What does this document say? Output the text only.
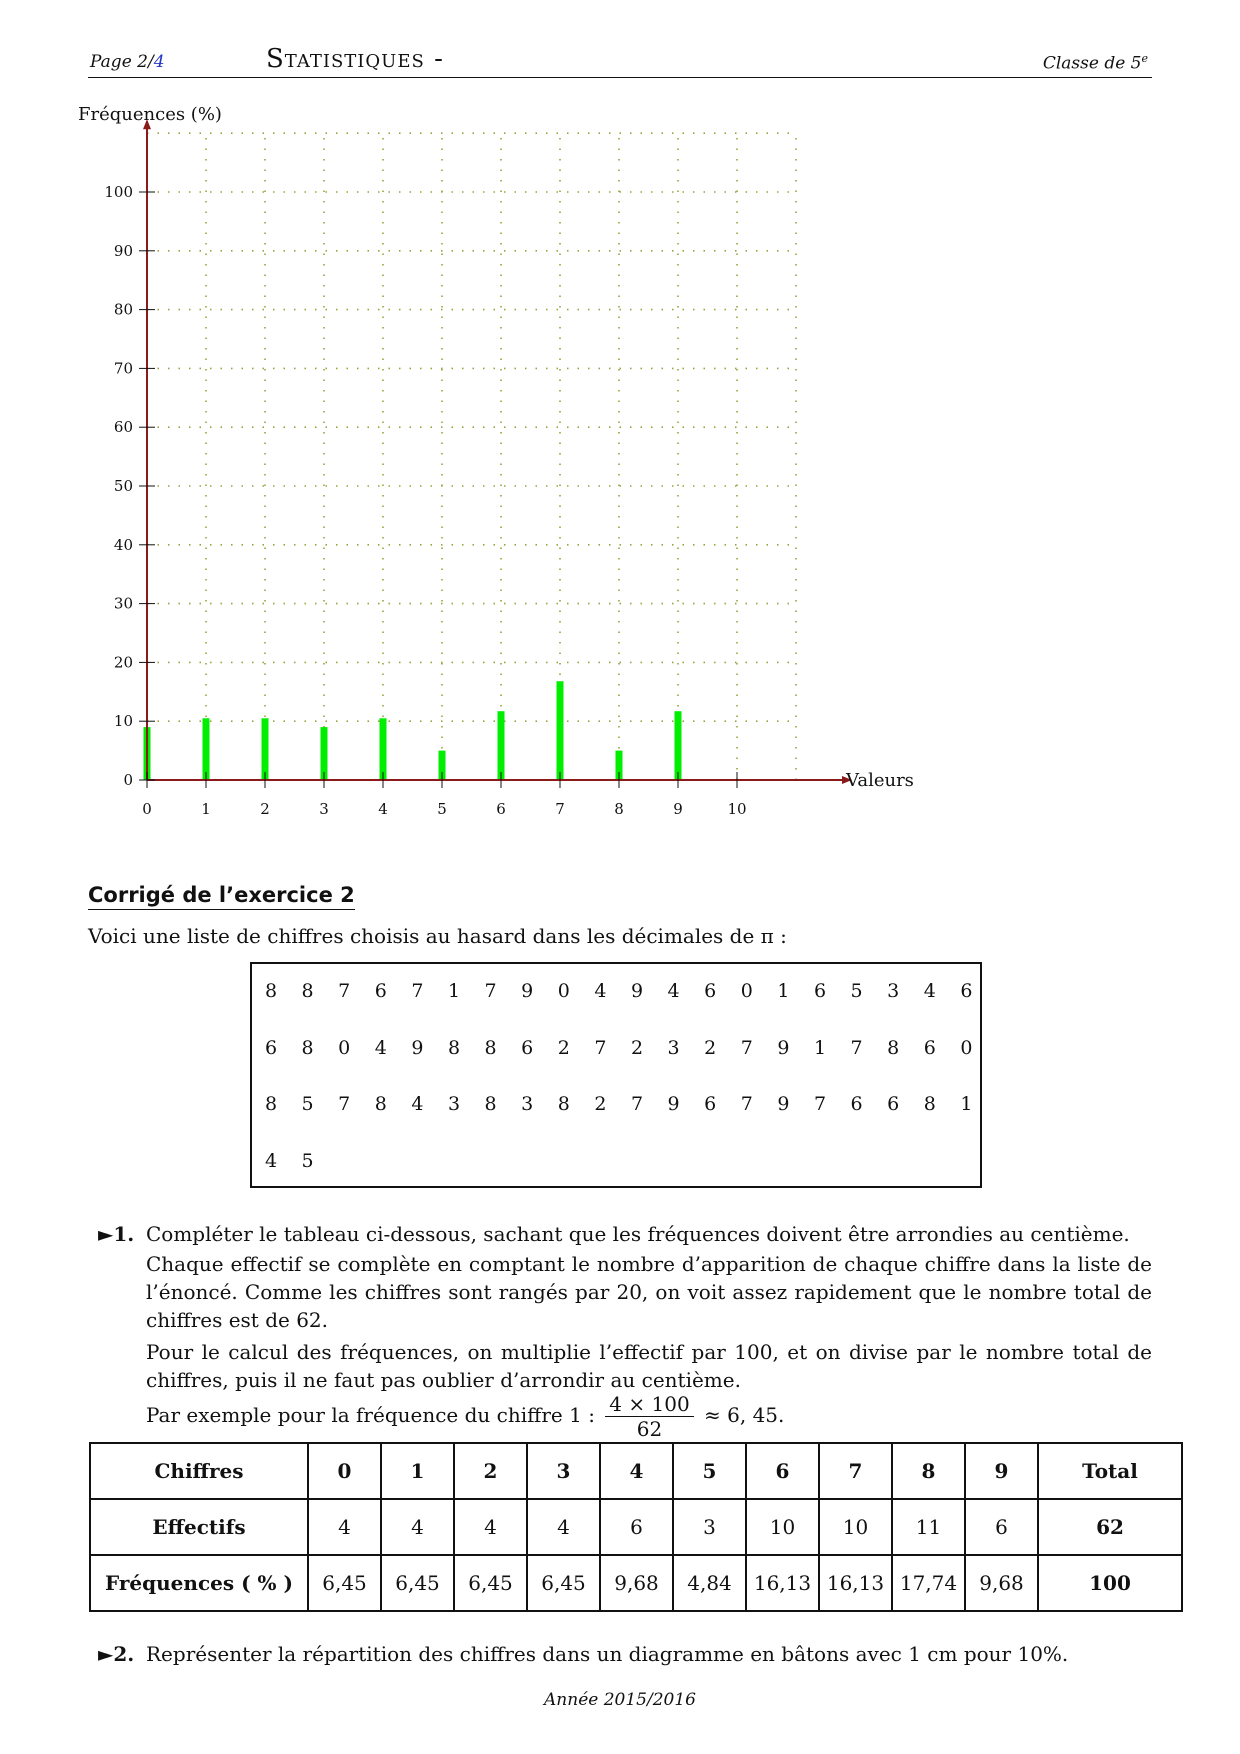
Page 2/4	Statistiques -	Classe de 5e
0
10
20
30
40
50
60
70
80
90
100
0	1	2	3	4	5	6	7	8	9	10
Fréquences (%)
Valeurs
Corrigé de l’exercice 2
Voici une liste de chiffres choisis au hasard dans les décimales de π :
8 8 7 6 7 1 7 9 0 4 9 4 6 0 1 6 5 3 4 6
6 8 0 4 9 8 8 6 2 7 2 3 2 7 9 1 7 8 6 0
8 5 7 8 4 3 8 3 8 2 7 9 6 7 9 7 6 6 8 1
4 5
►1. Compléter le tableau ci-dessous, sachant que les fréquences doivent être arrondies au centième.
Chaque effectif se complète en comptant le nombre d’apparition de chaque chiffre dans la liste de l’énoncé. Comme les chiffres sont rangés par 20, on voit assez rapidement que le nombre total de chiffres est de 62.
Pour le calcul des fréquences, on multiplie l’effectif par 100, et on divise par le nombre total de chiffres, puis il ne faut pas oublier d’arrondir au centième.
Par exemple pour la fréquence du chiffre 1 : $\frac{4 \times 100}{62} \approx 6$, 45.
Chiffres	0	1	2	3	4	5	6	7	8	9	Total
Effectifs	4	4	4	4	6	3	10	10	11	6	62
Fréquences ( % )	6,45	6,45	6,45	6,45	9,68	4,84	16,13	16,13	17,74	9,68	100
►2. Représenter la répartition des chiffres dans un diagramme en bâtons avec 1 cm pour 10%.
Année 2015/2016
